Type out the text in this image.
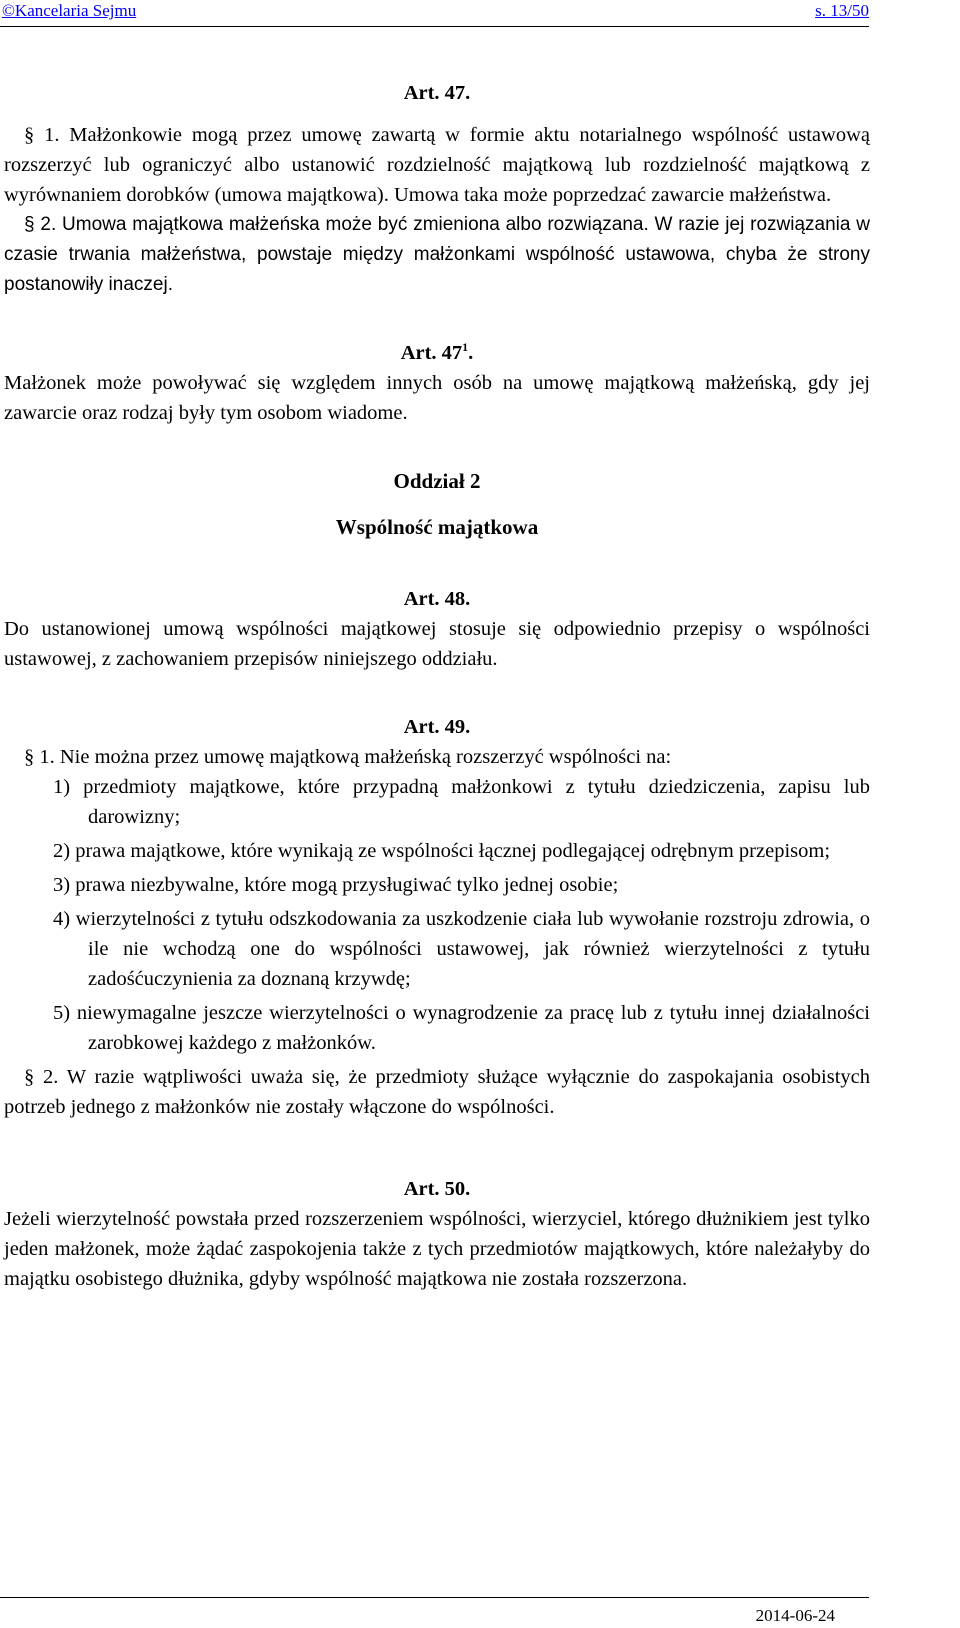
©Kancelaria Sejmu	s. 13/50

Art. 47.

§ 1. Małżonkowie mogą przez umowę zawartą w formie aktu notarialnego wspólność ustawową rozszerzyć lub ograniczyć albo ustanowić rozdzielność majątkową lub rozdzielność majątkową z wyrównaniem dorobków (umowa majątkowa). Umowa taka może poprzedzać zawarcie małżeństwa.

§ 2. Umowa majątkowa małżeńska może być zmieniona albo rozwiązana. W razie jej rozwiązania w czasie trwania małżeństwa, powstaje między małżonkami wspólność ustawowa, chyba że strony postanowiły inaczej.

Art. $47^1$.

Małżonek może powoływać się względem innych osób na umowę majątkową małżeńską, gdy jej zawarcie oraz rodzaj były tym osobom wiadome.

Oddział 2

Wspólność majątkowa

Art. 48.

Do ustanowionej umową wspólności majątkowej stosuje się odpowiednio przepisy o wspólności ustawowej, z zachowaniem przepisów niniejszego oddziału.

Art. 49.

§ 1. Nie można przez umowę majątkową małżeńską rozszerzyć wspólności na:

1) przedmioty majątkowe, które przypadną małżonkowi z tytułu dziedziczenia, zapisu lub darowizny;
2) prawa majątkowe, które wynikają ze wspólności łącznej podlegającej odrębnym przepisom;
3) prawa niezbywalne, które mogą przysługiwać tylko jednej osobie;
4) wierzytelności z tytułu odszkodowania za uszkodzenie ciała lub wywołanie rozstroju zdrowia, o ile nie wchodzą one do wspólności ustawowej, jak również wierzytelności z tytułu zadośćuczynienia za doznaną krzywdę;
5) niewymagalne jeszcze wierzytelności o wynagrodzenie za pracę lub z tytułu innej działalności zarobkowej każdego z małżonków.

§ 2. W razie wątpliwości uważa się, że przedmioty służące wyłącznie do zaspokajania osobistych potrzeb jednego z małżonków nie zostały włączone do wspólności.

Art. 50.

Jeżeli wierzytelność powstała przed rozszerzeniem wspólności, wierzyciel, którego dłużnikiem jest tylko jeden małżonek, może żądać zaspokojenia także z tych przedmiotów majątkowych, które należałyby do majątku osobistego dłużnika, gdyby wspólność majątkowa nie została rozszerzona.

2014-06-24
